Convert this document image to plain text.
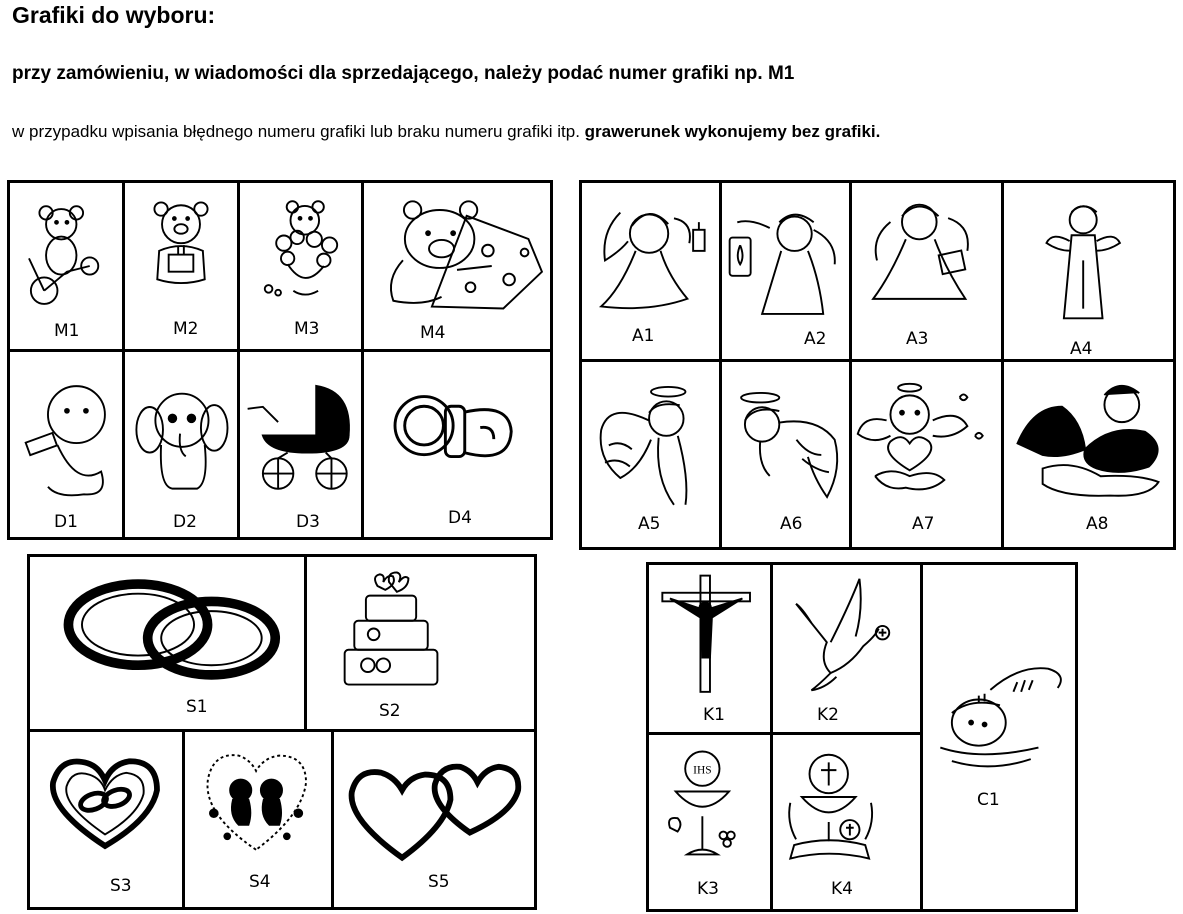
Grafiki do wyboru:

przy zamówieniu, w wiadomości dla sprzedającego, należy podać numer grafiki np. M1

w przypadku wpisania błędnego numeru grafiki lub braku numeru grafiki itp. grawerunek wykonujemy bez grafiki.

M1	M2	M3	M4
D1	D2	D3	D4
A1	A2	A3	A4
A5	A6	A7	A8
S1	S2
S3	S4	S5
K1	K2
IHS
K3	K4
C1
